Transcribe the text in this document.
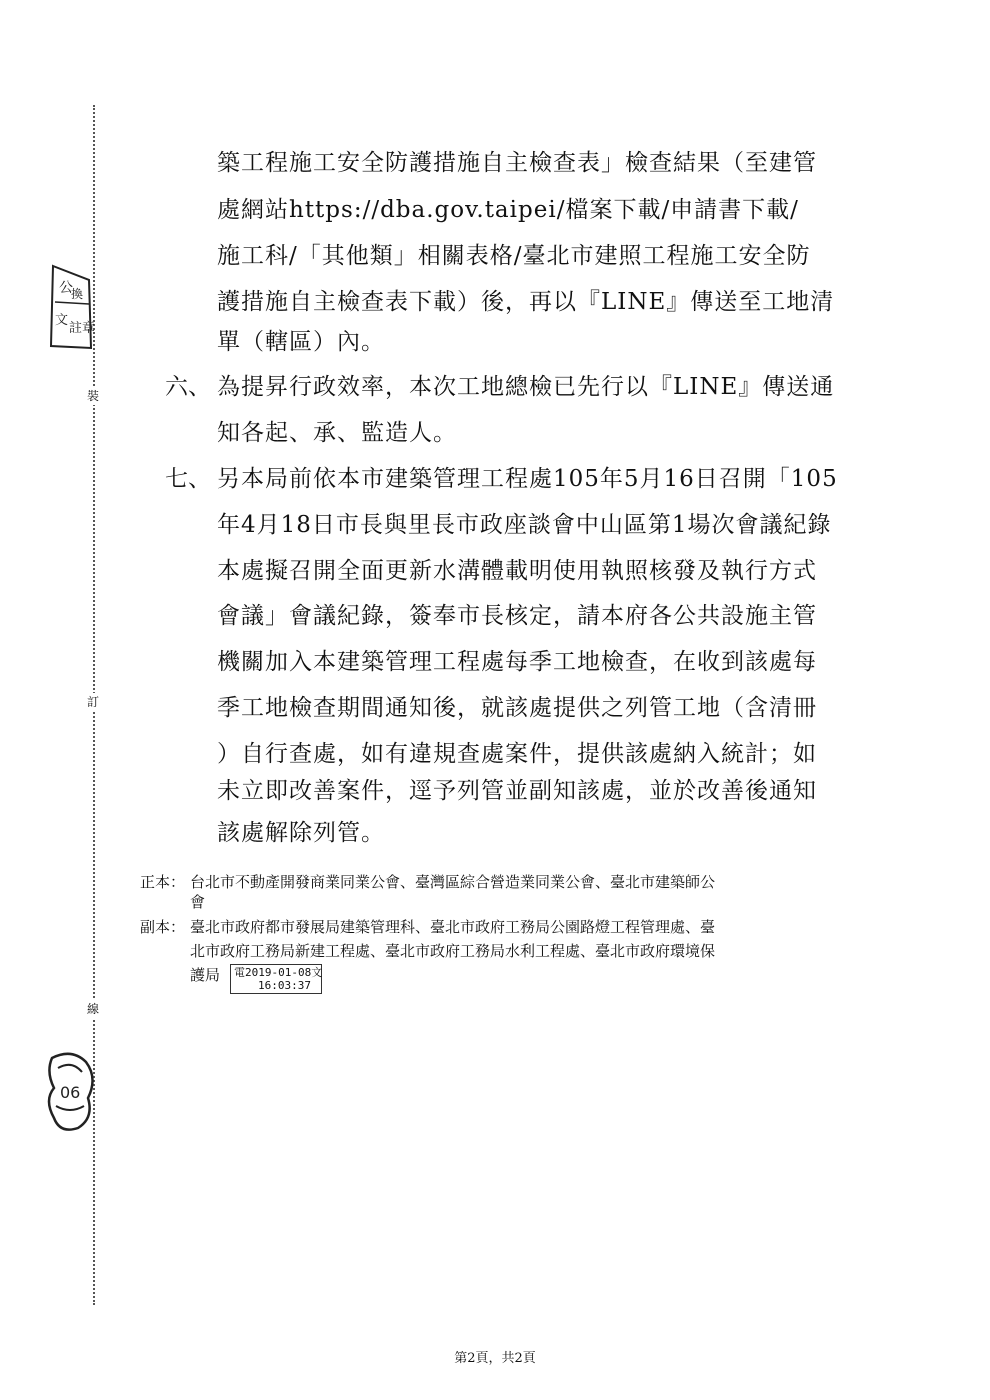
裝
訂
線
公
換
文
註章
06
築工程施工安全防護措施自主檢查表」檢查結果（至建管
處網站https://dba.gov.taipei/檔案下載/申請書下載/
施工科/「其他類」相關表格/臺北市建照工程施工安全防
護措施自主檢查表下載）後，再以『LINE』傳送至工地清
單（轄區）內。
六、 為提昇行政效率，本次工地總檢已先行以『LINE』傳送通
知各起、承、監造人。
七、 另本局前依本市建築管理工程處105年5月16日召開「105
年4月18日市長與里長市政座談會中山區第1場次會議紀錄
本處擬召開全面更新水溝體載明使用執照核發及執行方式
會議」會議紀錄，簽奉市長核定，請本府各公共設施主管
機關加入本建築管理工程處每季工地檢查，在收到該處每
季工地檢查期間通知後，就該處提供之列管工地（含清冊
）自行查處，如有違規查處案件，提供該處納入統計；如
未立即改善案件，逕予列管並副知該處，並於改善後通知
該處解除列管。
正本： 台北市不動產開發商業同業公會、臺灣區綜合營造業同業公會、臺北市建築師公
會
副本： 臺北市政府都市發展局建築管理科、臺北市政府工務局公園路燈工程管理處、臺
北市政府工務局新建工程處、臺北市政府工務局水利工程處、臺北市政府環境保
護局 電2019-01-08文
16:03:37
第2頁，共2頁
